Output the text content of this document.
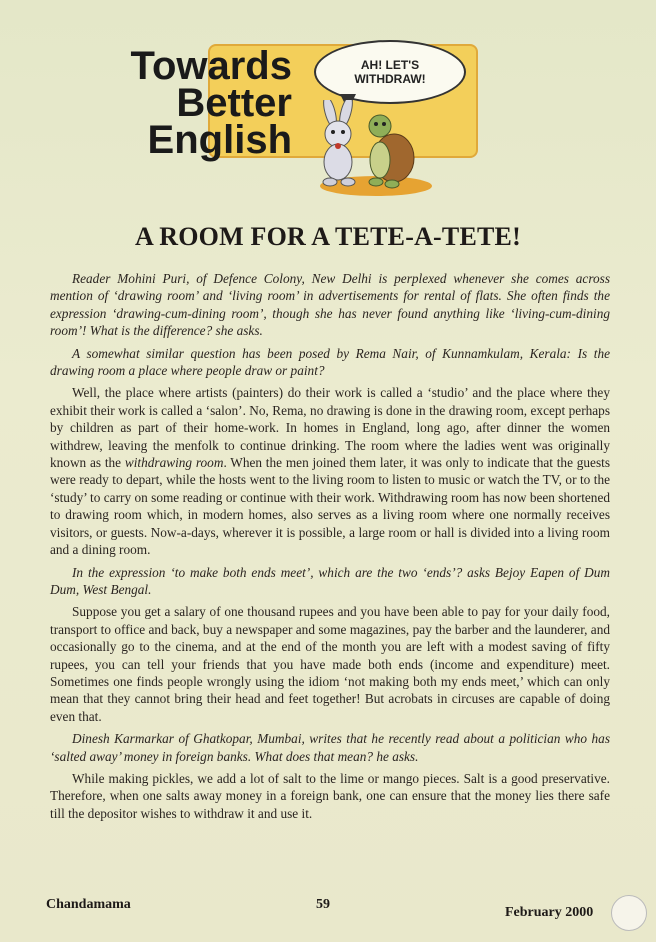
Towards
Better
English
AH! LET'S
WITHDRAW!
A ROOM FOR A TETE-A-TETE!

Reader Mohini Puri, of Defence Colony, New Delhi is perplexed whenever she comes across mention of ‘drawing room’ and ‘living room’ in advertisements for rental of flats. She often finds the expression ‘drawing-cum-dining room’, though she has never found anything like ‘living-cum-dining room’! What is the difference? she asks.

A somewhat similar question has been posed by Rema Nair, of Kunnamkulam, Kerala: Is the drawing room a place where people draw or paint?

Well, the place where artists (painters) do their work is called a ‘studio’ and the place where they exhibit their work is called a ‘salon’. No, Rema, no drawing is done in the drawing room, except perhaps by children as part of their home-work. In homes in England, long ago, after dinner the women withdrew, leaving the menfolk to continue drinking. The room where the ladies went was originally known as the withdrawing room. When the men joined them later, it was only to indicate that the guests were ready to depart, while the hosts went to the living room to listen to music or watch the TV, or to the ‘study’ to carry on some reading or continue with their work. Withdrawing room has now been shortened to drawing room which, in modern homes, also serves as a living room where one normally receives visitors, or guests. Now-a-days, wherever it is possible, a large room or hall is divided into a living room and a dining room.

In the expression ‘to make both ends meet’, which are the two ‘ends’? asks Bejoy Eapen of Dum Dum, West Bengal.

Suppose you get a salary of one thousand rupees and you have been able to pay for your daily food, transport to office and back, buy a newspaper and some magazines, pay the barber and the launderer, and occasionally go to the cinema, and at the end of the month you are left with a modest saving of fifty rupees, you can tell your friends that you have made both ends (income and expenditure) meet. Sometimes one finds people wrongly using the idiom ‘not making both my ends meet,’ which can only mean that they cannot bring their head and feet together! But acrobats in circuses are capable of doing even that.

Dinesh Karmarkar of Ghatkopar, Mumbai, writes that he recently read about a politician who has ‘salted away’ money in foreign banks. What does that mean? he asks.

While making pickles, we add a lot of salt to the lime or mango pieces. Salt is a good preservative. Therefore, when one salts away money in a foreign bank, one can ensure that the money lies there safe till the depositor wishes to withdraw it and use it.

Chandamama	59
February 2000
